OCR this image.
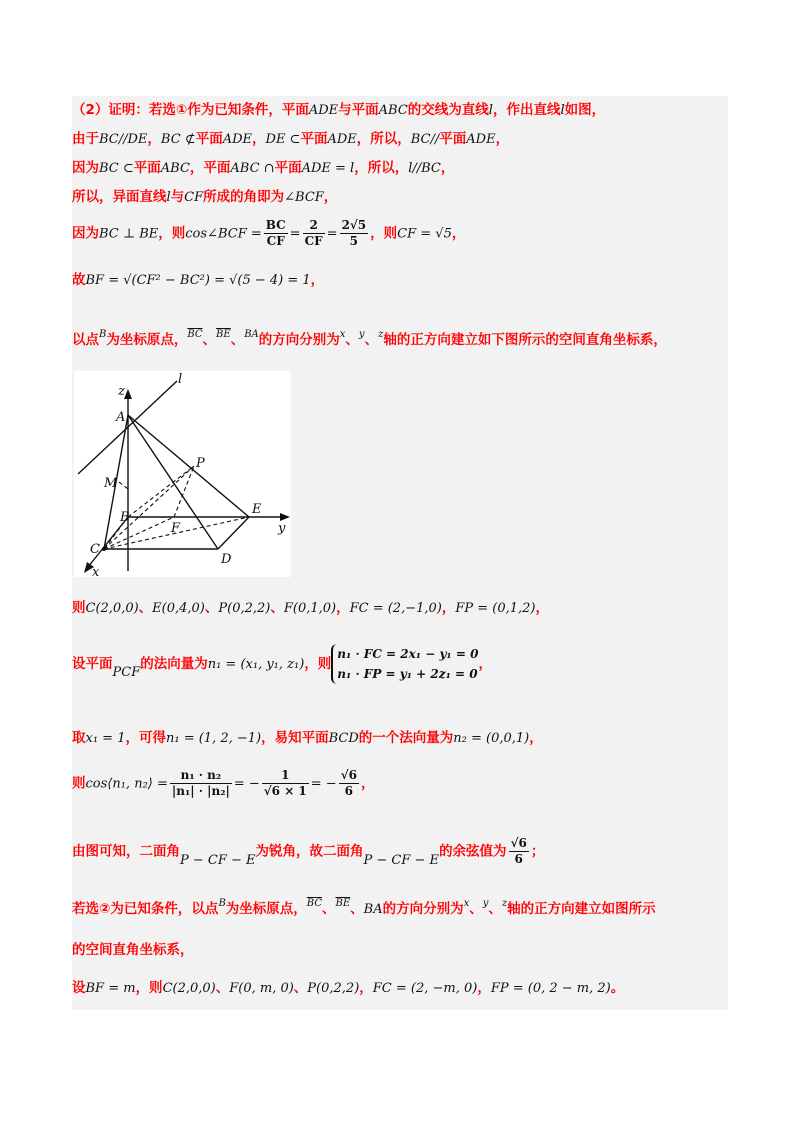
（2）证明：若选①作为已知条件，平面ADE与平面ABC的交线为直线l，作出直线l如图，
由于BC//DE，BC ⊄平面ADE，DE ⊂平面ADE，所以，BC//平面ADE，
因为BC ⊂平面ABC，平面ABC ∩平面ADE = l，所以，l//BC，
所以，异面直线l与CF所成的角即为∠BCF，
因为BC ⊥ BE，则cos∠BCF = $\frac{BC}{CF} = \frac{2}{CF} = \frac{2√5}{5}$ ，则CF = √5，
故BF = √(CF² − BC²) = √(5 − 4) = 1，
以点$^B$为坐标原点，$^{\overline{BC}}$、$^{\overline{BE}}$、$^{BA}$的方向分别为$^x$、$^y$、$^z$轴的正方向建立如下图所示的空间直角坐标系，
z
l
A
P
M
B
E
y
F
C
D
x
则C(2,0,0)、E(0,4,0)、P(0,2,2)、F(0,1,0)，FC = (2,−1,0)，FP = (0,1,2)，
设平面PCF的法向量为n₁ = (x₁, y₁, z₁)，则
n₁ · FC = 2x₁ − y₁ = 0
n₁ · FP = y₁ + 2z₁ = 0
，
取x₁ = 1，可得n₁ = (1, 2, −1)，易知平面BCD的一个法向量为n₂ = (0,0,1)，
则cos⟨n₁, n₂⟩ = $\frac{\text{n₁ · n₂}}{\text{|n₁| · |n₂|}}$ = − $\frac{1}{√6 \times 1}$ = − $\frac{√6}{6}$ ，
由图可知，二面角P − CF − E为锐角，故二面角P − CF − E的余弦值为 $\frac{√6}{6}$ ；
若选②为已知条件，以点$^B$为坐标原点，$^{\overline{BC}}$、$^{\overline{BE}}$、BA的方向分别为$^x$、$^y$、$^z$轴的正方向建立如图所示
的空间直角坐标系，
设BF = m，则C(2,0,0)、F(0, m, 0)、P(0,2,2)，FC = (2, −m, 0)，FP = (0, 2 − m, 2)。
